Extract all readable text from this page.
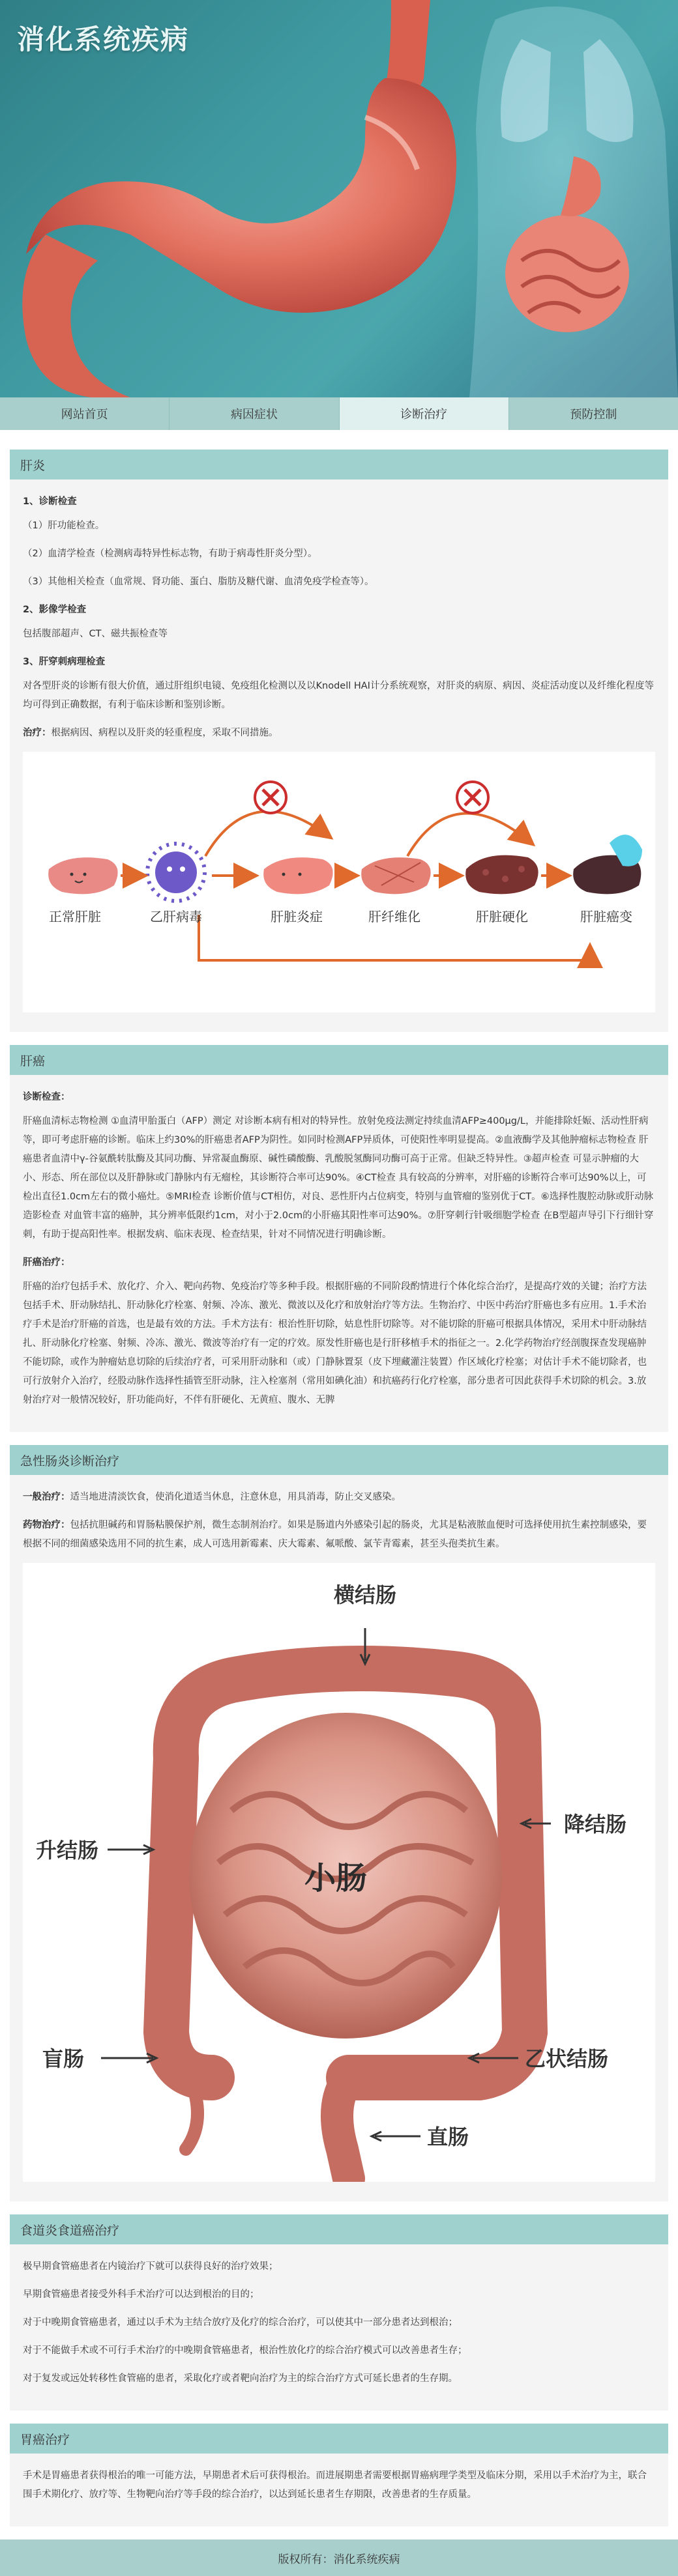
消化系统疾病
网站首页	病因症状	诊断治疗	预防控制
肝炎

1、诊断检查

（1）肝功能检查。

（2）血清学检查（检测病毒特异性标志物，有助于病毒性肝炎分型）。

（3）其他相关检查（血常规、肾功能、蛋白、脂肪及糖代谢、血清免疫学检查等）。

2、影像学检查

包括腹部超声、CT、磁共振检查等

3、肝穿刺病理检查

对各型肝炎的诊断有很大价值，通过肝组织电镜、免疫组化检测以及以Knodell HAI计分系统观察，对肝炎的病原、病因、炎症活动度以及纤维化程度等均可得到正确数据，有利于临床诊断和鉴别诊断。

治疗：根据病因、病程以及肝炎的轻重程度，采取不同措施。

正常肝脏	乙肝病毒	肝脏炎症	肝纤维化	肝脏硬化	肝脏癌变
肝癌

诊断检查：

肝癌血清标志物检测 ①血清甲胎蛋白（AFP）测定 对诊断本病有相对的特异性。放射免疫法测定持续血清AFP≥400μg/L，并能排除妊娠、活动性肝病等，即可考虑肝癌的诊断。临床上约30%的肝癌患者AFP为阴性。如同时检测AFP异质体，可使阳性率明显提高。②血液酶学及其他肿瘤标志物检查 肝癌患者血清中γ-谷氨酰转肽酶及其同功酶、异常凝血酶原、碱性磷酸酶、乳酸脱氢酶同功酶可高于正常。但缺乏特异性。③超声检查 可显示肿瘤的大小、形态、所在部位以及肝静脉或门静脉内有无瘤栓，其诊断符合率可达90%。④CT检查 具有较高的分辨率，对肝癌的诊断符合率可达90%以上，可检出直径1.0cm左右的微小癌灶。⑤MRI检查 诊断价值与CT相仿，对良、恶性肝内占位病变，特别与血管瘤的鉴别优于CT。⑥选择性腹腔动脉或肝动脉造影检查 对血管丰富的癌肿，其分辨率低限约1cm，对小于2.0cm的小肝癌其阳性率可达90%。⑦肝穿刺行针吸细胞学检查 在B型超声导引下行细针穿刺，有助于提高阳性率。根据发病、临床表现、检查结果，针对不同情况进行明确诊断。

肝癌治疗：

肝癌的治疗包括手术、放化疗、介入、靶向药物、免疫治疗等多种手段。根据肝癌的不同阶段酌情进行个体化综合治疗，是提高疗效的关键；治疗方法包括手术、肝动脉结扎、肝动脉化疗栓塞、射频、冷冻、激光、微波以及化疗和放射治疗等方法。生物治疗、中医中药治疗肝癌也多有应用。1.手术治疗手术是治疗肝癌的首选，也是最有效的方法。手术方法有：根治性肝切除，姑息性肝切除等。对不能切除的肝癌可根据具体情况，采用术中肝动脉结扎、肝动脉化疗栓塞、射频、冷冻、激光、微波等治疗有一定的疗效。原发性肝癌也是行肝移植手术的指征之一。2.化学药物治疗经剖腹探查发现癌肿不能切除，或作为肿瘤姑息切除的后续治疗者，可采用肝动脉和（或）门静脉置泵（皮下埋藏灌注装置）作区域化疗栓塞；对估计手术不能切除者，也可行放射介入治疗，经股动脉作选择性插管至肝动脉，注入栓塞剂（常用如碘化油）和抗癌药行化疗栓塞，部分患者可因此获得手术切除的机会。3.放射治疗对一般情况较好，肝功能尚好，不伴有肝硬化、无黄疸、腹水、无脾

急性肠炎诊断治疗

一般治疗：适当地进清淡饮食，使消化道适当休息，注意休息，用具消毒，防止交叉感染。

药物治疗：包括抗胆碱药和胃肠粘膜保护剂，微生态制剂治疗。如果是肠道内外感染引起的肠炎，尤其是粘液脓血便时可选择使用抗生素控制感染，要根据不同的细菌感染选用不同的抗生素，成人可选用新霉素、庆大霉素、氟哌酸、氯苄青霉素，甚至头孢类抗生素。

横结肠
降结肠
升结肠
小肠
盲肠	乙状结肠
直肠
食道炎食道癌治疗

极早期食管癌患者在内镜治疗下就可以获得良好的治疗效果；

早期食管癌患者接受外科手术治疗可以达到根治的目的；

对于中晚期食管癌患者，通过以手术为主结合放疗及化疗的综合治疗，可以使其中一部分患者达到根治；

对于不能做手术或不可行手术治疗的中晚期食管癌患者，根治性放化疗的综合治疗模式可以改善患者生存；

对于复发或远处转移性食管癌的患者，采取化疗或者靶向治疗为主的综合治疗方式可延长患者的生存期。

胃癌治疗

手术是胃癌患者获得根治的唯一可能方法，早期患者术后可获得根治。而进展期患者需要根据胃癌病理学类型及临床分期，采用以手术治疗为主，联合围手术期化疗、放疗等、生物靶向治疗等手段的综合治疗，以达到延长患者生存期限，改善患者的生存质量。

版权所有：消化系统疾病
